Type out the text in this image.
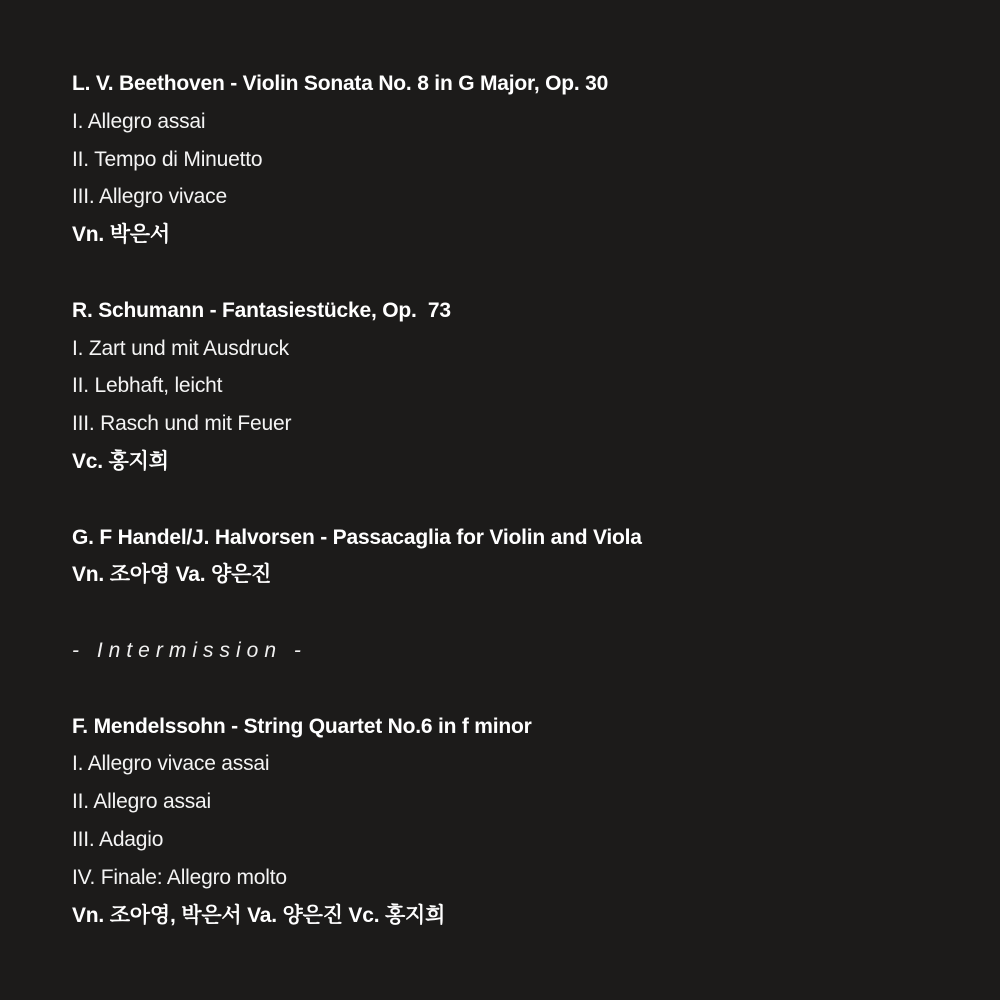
L. V. Beethoven - Violin Sonata No. 8 in G Major, Op. 30
I. Allegro assai
II. Tempo di Minuetto
III. Allegro vivace
Vn. 박은서
R. Schumann - Fantasiestücke, Op.  73
I. Zart und mit Ausdruck
II. Lebhaft, leicht
III. Rasch und mit Feuer
Vc. 홍지희
G. F Handel/J. Halvorsen - Passacaglia for Violin and Viola
Vn. 조아영 Va. 양은진
- Intermission -
F. Mendelssohn - String Quartet No.6 in f minor
I. Allegro vivace assai
II. Allegro assai
III. Adagio
IV. Finale: Allegro molto
Vn. 조아영, 박은서 Va. 양은진 Vc. 홍지희
